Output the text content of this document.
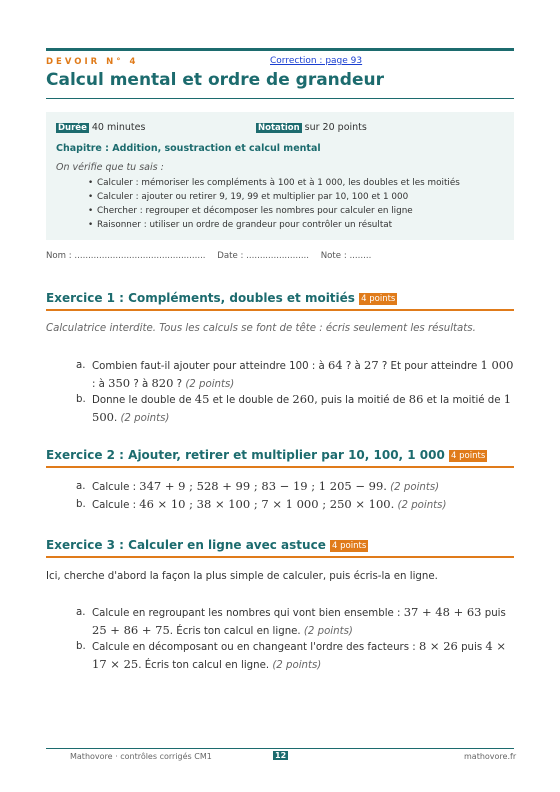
DEVOIR N° 4	Correction : page 93
Calcul mental et ordre de grandeur
Durée 40 minutes	Notation sur 20 points
Chapitre : Addition, soustraction et calcul mental
On vérifie que tu sais :
• Calculer : mémoriser les compléments à 100 et à 1 000, les doubles et les moitiés
• Calculer : ajouter ou retirer 9, 19, 99 et multiplier par 10, 100 et 1 000
• Chercher : regrouper et décomposer les nombres pour calculer en ligne
• Raisonner : utiliser un ordre de grandeur pour contrôler un résultat
Nom : ................................................ Date : ....................... Note : ........
Exercice 1 : Compléments, doubles et moitiés 4 points
Calculatrice interdite. Tous les calculs se font de tête : écris seulement les résultats.
a. Combien faut-il ajouter pour atteindre 100 : à 64 ? à 27 ? Et pour atteindre 1 000 : à 350 ? à 820 ? (2 points)
b. Donne le double de 45 et le double de 260, puis la moitié de 86 et la moitié de 1 500. (2 points)
Exercice 2 : Ajouter, retirer et multiplier par 10, 100, 1 000 4 points
a. Calcule : 347 + 9 ; 528 + 99 ; 83 − 19 ; 1 205 − 99. (2 points)
b. Calcule : 46 × 10 ; 38 × 100 ; 7 × 1 000 ; 250 × 100. (2 points)
Exercice 3 : Calculer en ligne avec astuce 4 points
Ici, cherche d'abord la façon la plus simple de calculer, puis écris-la en ligne.
a. Calcule en regroupant les nombres qui vont bien ensemble : 37 + 48 + 63 puis 25 + 86 + 75. Écris ton calcul en ligne. (2 points)
b. Calcule en décomposant ou en changeant l'ordre des facteurs : 8 × 26 puis 4 × 17 × 25. Écris ton calcul en ligne. (2 points)
Mathovore · contrôles corrigés CM1	12	mathovore.fr
